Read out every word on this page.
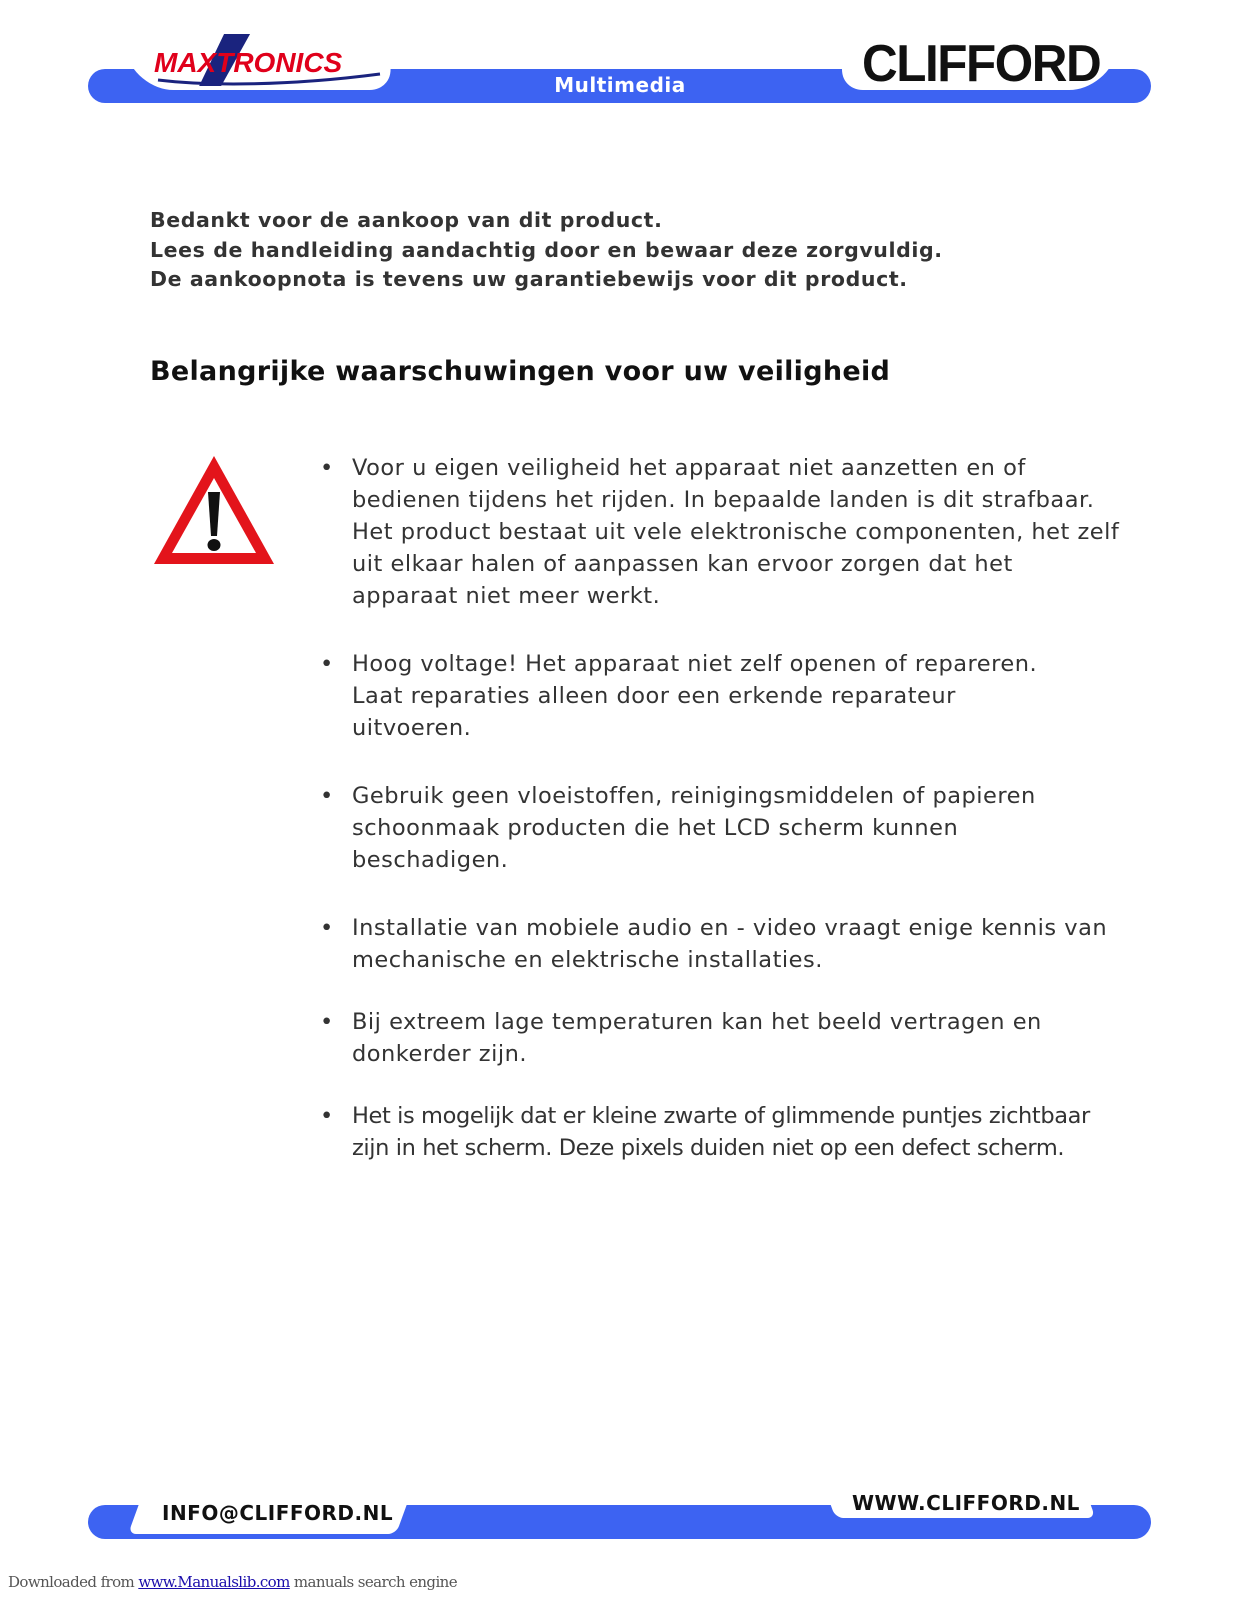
MAXTRONICS
Multimedia	CLIFFORD
Bedankt voor de aankoop van dit product.
Lees de handleiding aandachtig door en bewaar deze zorgvuldig.
De aankoopnota is tevens uw garantiebewijs voor dit product.
Belangrijke waarschuwingen voor uw veiligheid
• Voor u eigen veiligheid het apparaat niet aanzetten en of
bedienen tijdens het rijden. In bepaalde landen is dit strafbaar.
Het product bestaat uit vele elektronische componenten, het zelf
uit elkaar halen of aanpassen kan ervoor zorgen dat het
apparaat niet meer werkt.
• Hoog voltage! Het apparaat niet zelf openen of repareren.
Laat reparaties alleen door een erkende reparateur
uitvoeren.
• Gebruik geen vloeistoffen, reinigingsmiddelen of papieren
schoonmaak producten die het LCD scherm kunnen
beschadigen.
• Installatie van mobiele audio en - video vraagt enige kennis van
mechanische en elektrische installaties.
• Bij extreem lage temperaturen kan het beeld vertragen en
donkerder zijn.
• Het is mogelijk dat er kleine zwarte of glimmende puntjes zichtbaar
zijn in het scherm. Deze pixels duiden niet op een defect scherm.
INFO@CLIFFORD.NL	WWW.CLIFFORD.NL
Downloaded from www.Manualslib.com manuals search engine
